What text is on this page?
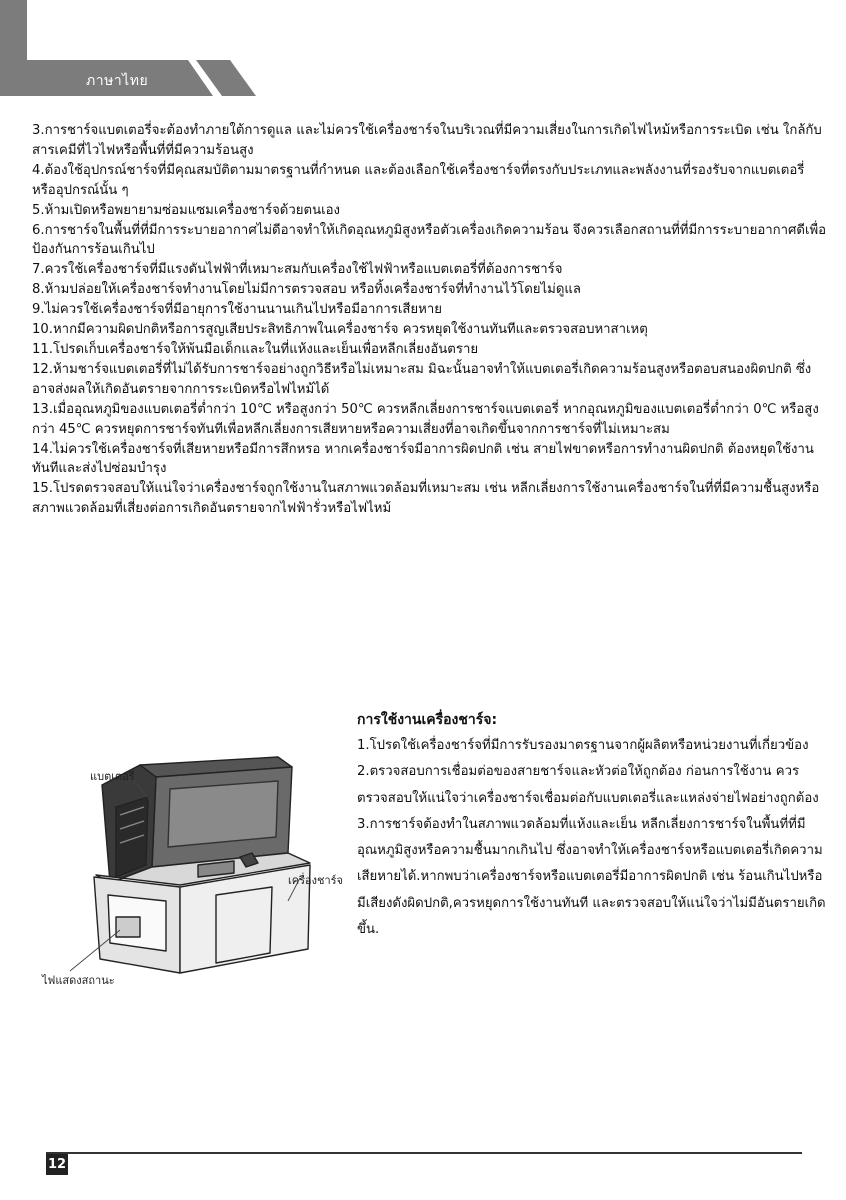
ภาษาไทย

3.การชาร์จแบตเตอรี่จะต้องทำภายใต้การดูแล และไม่ควรใช้เครื่องชาร์จในบริเวณที่มีความเสี่ยงในการเกิดไฟไหม้หรือการระเบิด เช่น ใกล้กับสารเคมีที่ไวไฟหรือพื้นที่ที่มีความร้อนสูง

4.ต้องใช้อุปกรณ์ชาร์จที่มีคุณสมบัติตามมาตรฐานที่กำหนด และต้องเลือกใช้เครื่องชาร์จที่ตรงกับประเภทและพลังงานที่รองรับจากแบตเตอรี่หรืออุปกรณ์นั้น ๆ

5.ห้ามเปิดหรือพยายามซ่อมแซมเครื่องชาร์จด้วยตนเอง

6.การชาร์จในพื้นที่ที่มีการระบายอากาศไม่ดีอาจทำให้เกิดอุณหภูมิสูงหรือตัวเครื่องเกิดความร้อน จึงควรเลือกสถานที่ที่มีการระบายอากาศดีเพื่อป้องกันการร้อนเกินไป

7.ควรใช้เครื่องชาร์จที่มีแรงดันไฟฟ้าที่เหมาะสมกับเครื่องใช้ไฟฟ้าหรือแบตเตอรี่ที่ต้องการชาร์จ

8.ห้ามปล่อยให้เครื่องชาร์จทำงานโดยไม่มีการตรวจสอบ หรือทิ้งเครื่องชาร์จที่ทำงานไว้โดยไม่ดูแล

9.ไม่ควรใช้เครื่องชาร์จที่มีอายุการใช้งานนานเกินไปหรือมีอาการเสียหาย

10.หากมีความผิดปกติหรือการสูญเสียประสิทธิภาพในเครื่องชาร์จ ควรหยุดใช้งานทันทีและตรวจสอบหาสาเหตุ

11.โปรดเก็บเครื่องชาร์จให้พ้นมือเด็กและในที่แห้งและเย็นเพื่อหลีกเลี่ยงอันตราย

12.ห้ามชาร์จแบตเตอรี่ที่ไม่ได้รับการชาร์จอย่างถูกวิธีหรือไม่เหมาะสม มิฉะนั้นอาจทำให้แบตเตอรี่เกิดความร้อนสูงหรือตอบสนองผิดปกติ ซึ่งอาจส่งผลให้เกิดอันตรายจากการระเบิดหรือไฟไหม้ได้

13.เมื่ออุณหภูมิของแบตเตอรี่ต่ำกว่า 10℃ หรือสูงกว่า 50℃ ควรหลีกเลี่ยงการชาร์จแบตเตอรี่ หากอุณหภูมิของแบตเตอรี่ต่ำกว่า 0℃ หรือสูงกว่า 45℃ ควรหยุดการชาร์จทันทีเพื่อหลีกเลี่ยงการเสียหายหรือความเสี่ยงที่อาจเกิดขึ้นจากการชาร์จที่ไม่เหมาะสม

14.ไม่ควรใช้เครื่องชาร์จที่เสียหายหรือมีการสึกหรอ หากเครื่องชาร์จมีอาการผิดปกติ เช่น สายไฟขาดหรือการทำงานผิดปกติ ต้องหยุดใช้งานทันทีและส่งไปซ่อมบำรุง

15.โปรดตรวจสอบให้แน่ใจว่าเครื่องชาร์จถูกใช้งานในสภาพแวดล้อมที่เหมาะสม เช่น หลีกเลี่ยงการใช้งานเครื่องชาร์จในที่ที่มีความชื้นสูงหรือสภาพแวดล้อมที่เสี่ยงต่อการเกิดอันตรายจากไฟฟ้ารั่วหรือไฟไหม้

แบตเตอรี่
เครื่องชาร์จ
ไฟแสดงสถานะ
การใช้งานเครื่องชาร์จ:

1.โปรดใช้เครื่องชาร์จที่มีการรับรองมาตรฐานจากผู้ผลิตหรือหน่วยงานที่เกี่ยวข้อง

2.ตรวจสอบการเชื่อมต่อของสายชาร์จและหัวต่อให้ถูกต้อง ก่อนการใช้งาน ควรตรวจสอบให้แน่ใจว่าเครื่องชาร์จเชื่อมต่อกับแบตเตอรี่และแหล่งจ่ายไฟอย่างถูกต้อง

3.การชาร์จต้องทำในสภาพแวดล้อมที่แห้งและเย็น หลีกเลี่ยงการชาร์จในพื้นที่ที่มีอุณหภูมิสูงหรือความชื้นมากเกินไป ซึ่งอาจทำให้เครื่องชาร์จหรือแบตเตอรี่เกิดความเสียหายได้.หากพบว่าเครื่องชาร์จหรือแบตเตอรี่มีอาการผิดปกติ เช่น ร้อนเกินไปหรือมีเสียงดังผิดปกติ,ควรหยุดการใช้งานทันที และตรวจสอบให้แน่ใจว่าไม่มีอันตรายเกิดขึ้น.

12
